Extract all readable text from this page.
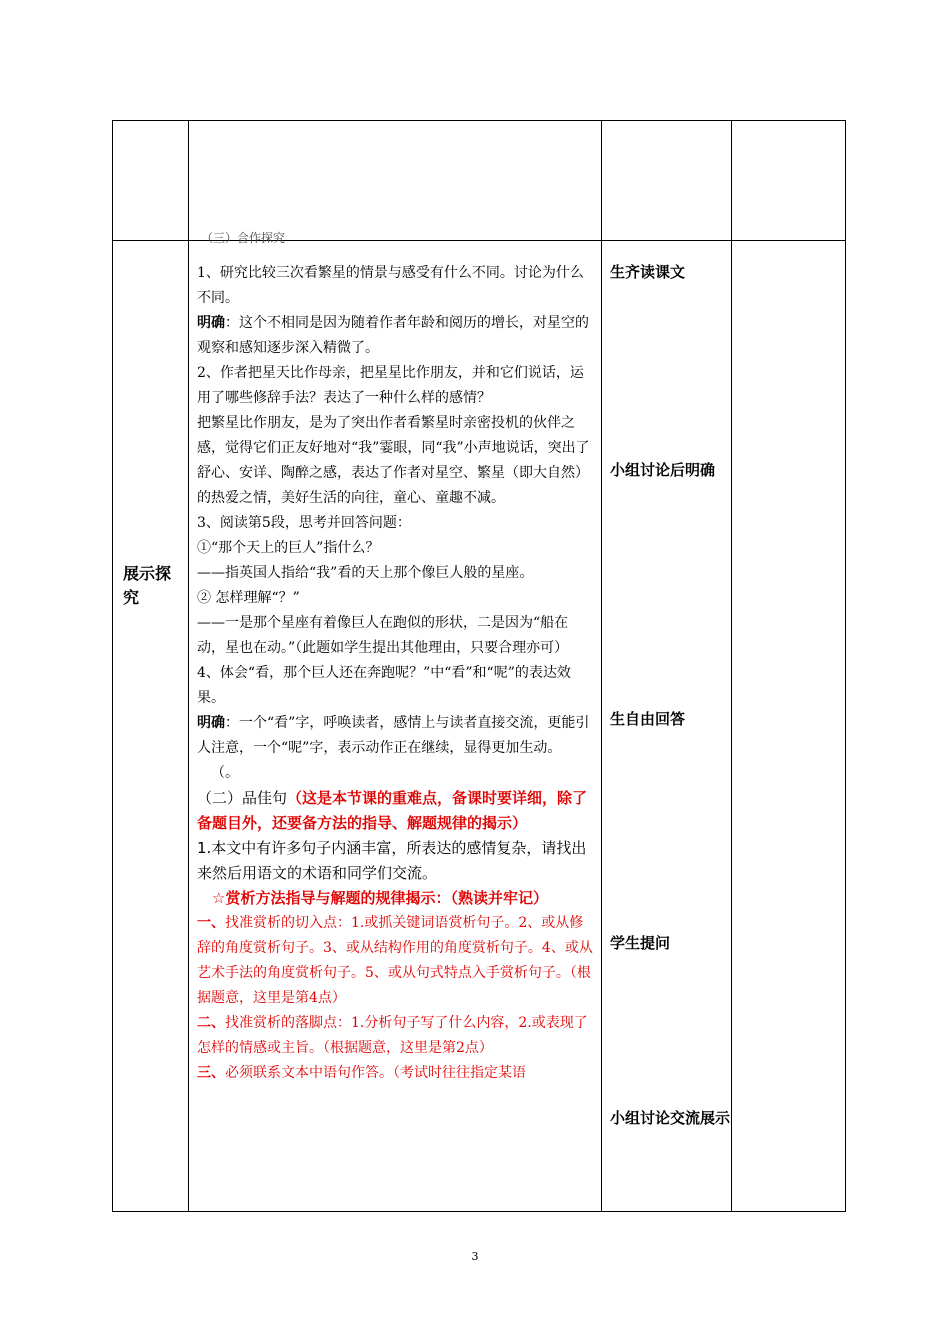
展示探究
（三）合作探究

1、研究比较三次看繁星的情景与感受有什么不同。讨论为什么不同。

明确：这个不相同是因为随着作者年龄和阅历的增长，对星空的观察和感知逐步深入精微了。

2、作者把星天比作母亲，把星星比作朋友，并和它们说话，运用了哪些修辞手法？表达了一种什么样的感情？

把繁星比作朋友，是为了突出作者看繁星时亲密投机的伙伴之感，觉得它们正友好地对“我”霎眼，同“我”小声地说话，突出了舒心、安详、陶醉之感，表达了作者对星空、繁星（即大自然）的热爱之情，美好生活的向往，童心、童趣不减。

3、阅读第5段，思考并回答问题：

①“那个天上的巨人”指什么？

——指英国人指给“我”看的天上那个像巨人般的星座。

② 怎样理解“？”

——一是那个星座有着像巨人在跑似的形状，二是因为“船在动，星也在动。”（此题如学生提出其他理由，只要合理亦可）

4、体会“看，那个巨人还在奔跑呢？”中“看”和“呢”的表达效果。

明确：一个“看”字，呼唤读者，感情上与读者直接交流，更能引人注意，一个“呢”字，表示动作正在继续，显得更加生动。

（。

（二）品佳句（这是本节课的重难点，备课时要详细，除了备题目外，还要备方法的指导、解题规律的揭示）

1.本文中有许多句子内涵丰富，所表达的感情复杂，请找出来然后用语文的术语和同学们交流。

☆赏析方法指导与解题的规律揭示：（熟读并牢记）

一、找准赏析的切入点：1.或抓关键词语赏析句子。2、或从修辞的角度赏析句子。3、或从结构作用的角度赏析句子。4、或从艺术手法的角度赏析句子。5、或从句式特点入手赏析句子。（根据题意，这里是第4点）

二、找准赏析的落脚点：1.分析句子写了什么内容，2.或表现了怎样的情感或主旨。（根据题意，这里是第2点）

三、必须联系文本中语句作答。（考试时往往指定某语

生齐读课文
小组讨论后明确
生自由回答
学生提问
小组讨论交流展示
3
